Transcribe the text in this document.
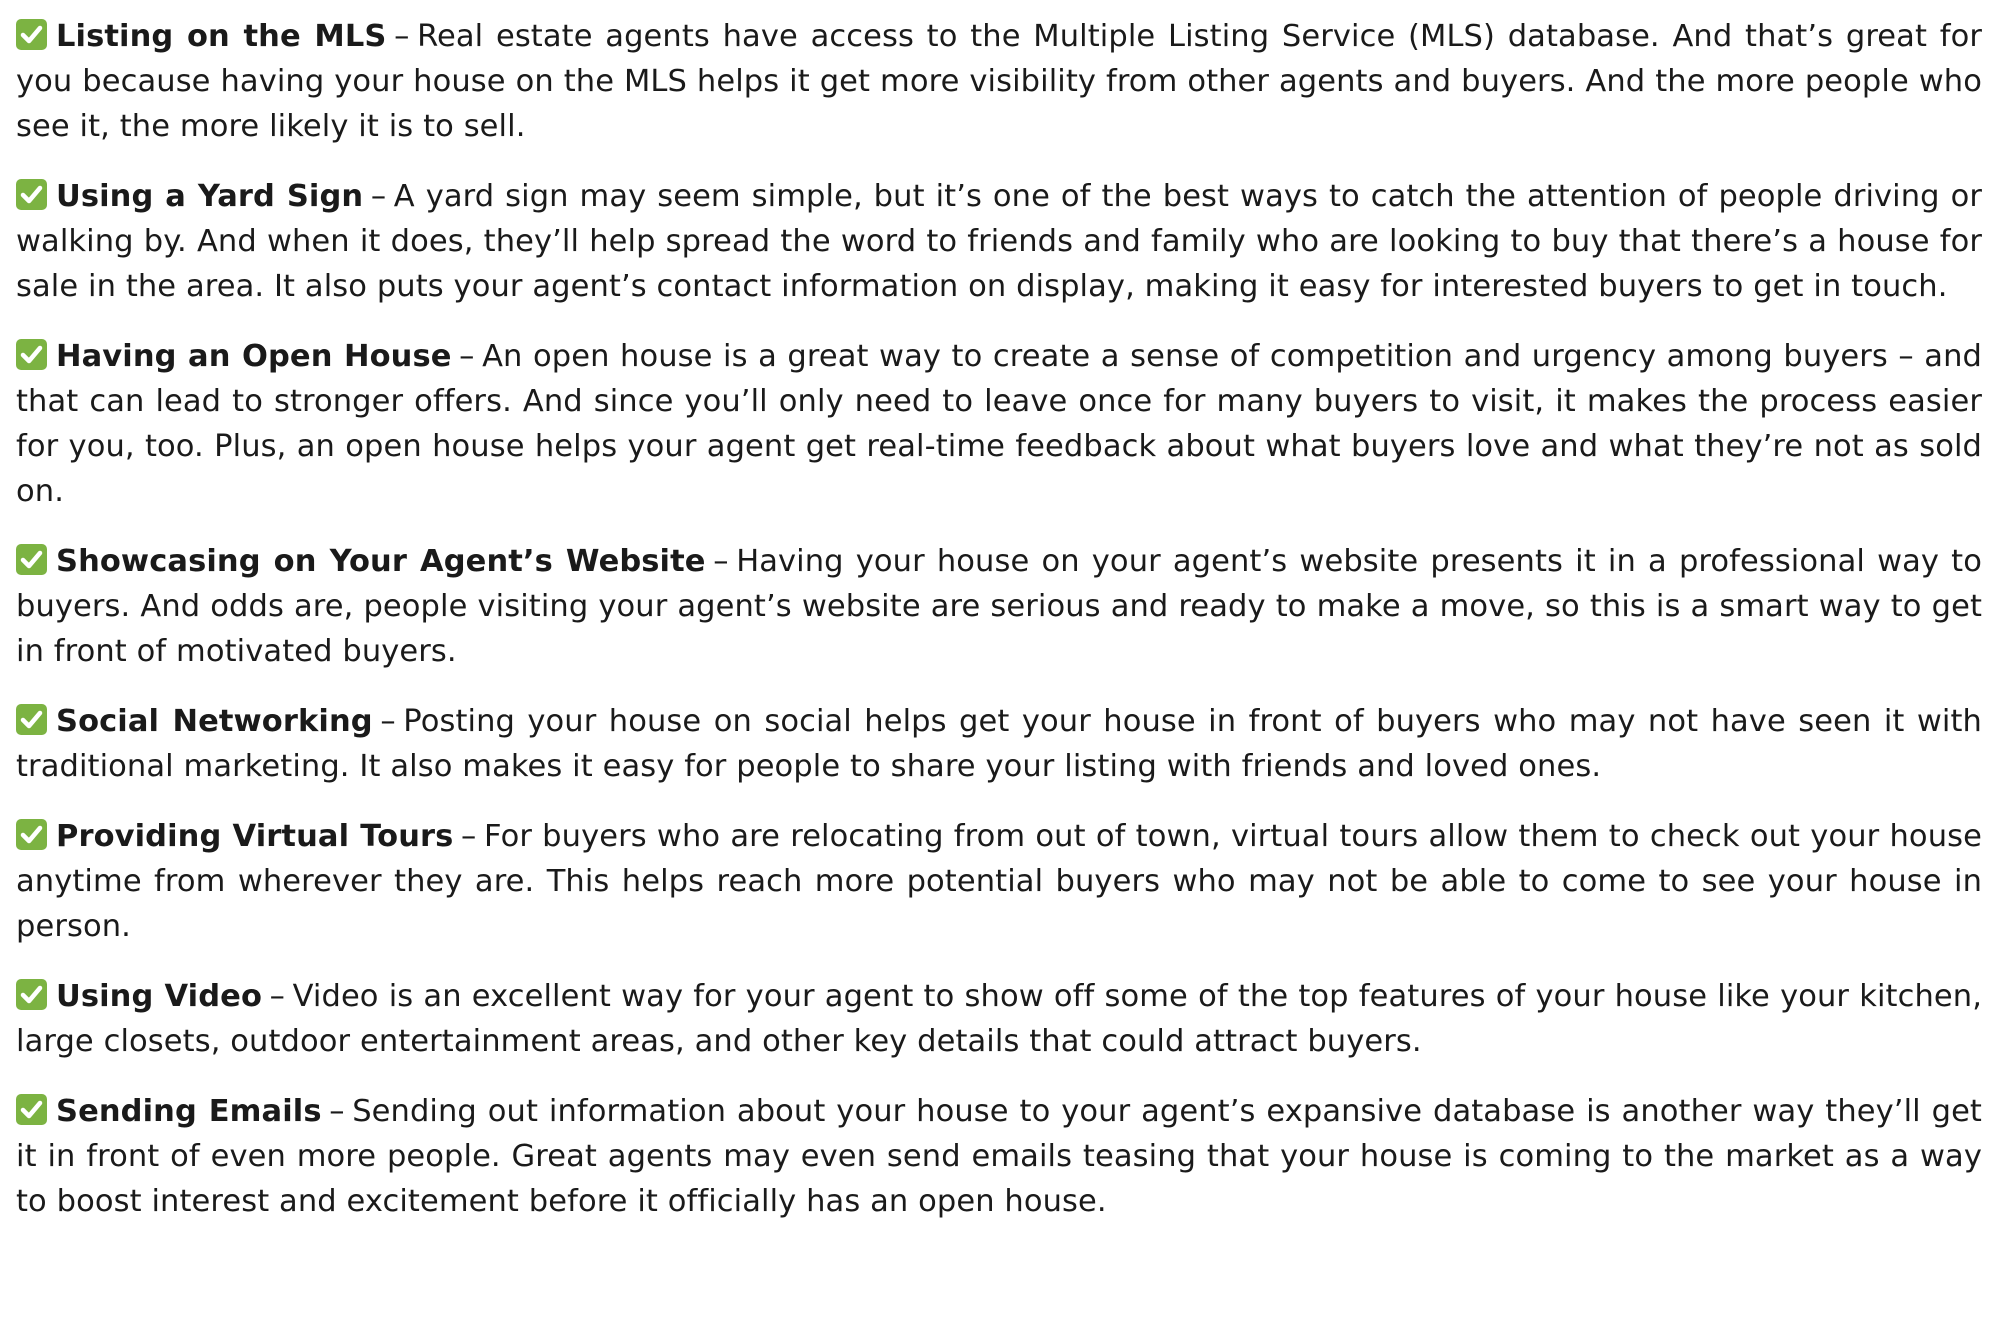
Listing on the MLS – Real estate agents have access to the Multiple Listing Service (MLS) database. And that’s great for you because having your house on the MLS helps it get more visibility from other agents and buyers. And the more people who see it, the more likely it is to sell.

Using a Yard Sign – A yard sign may seem simple, but it’s one of the best ways to catch the attention of people driving or walking by. And when it does, they’ll help spread the word to friends and family who are looking to buy that there’s a house for sale in the area. It also puts your agent’s contact information on display, making it easy for interested buyers to get in touch.

Having an Open House – An open house is a great way to create a sense of competition and urgency among buyers – and that can lead to stronger offers. And since you’ll only need to leave once for many buyers to visit, it makes the process easier for you, too. Plus, an open house helps your agent get real-time feedback about what buyers love and what they’re not as sold on.

Showcasing on Your Agent’s Website – Having your house on your agent’s website presents it in a professional way to buyers. And odds are, people visiting your agent’s website are serious and ready to make a move, so this is a smart way to get in front of motivated buyers.

Social Networking – Posting your house on social helps get your house in front of buyers who may not have seen it with traditional marketing. It also makes it easy for people to share your listing with friends and loved ones.

Providing Virtual Tours – For buyers who are relocating from out of town, virtual tours allow them to check out your house anytime from wherever they are. This helps reach more potential buyers who may not be able to come to see your house in person.

Using Video – Video is an excellent way for your agent to show off some of the top features of your house like your kitchen, large closets, outdoor entertainment areas, and other key details that could attract buyers.

Sending Emails – Sending out information about your house to your agent’s expansive database is another way they’ll get it in front of even more people. Great agents may even send emails teasing that your house is coming to the market as a way to boost interest and excitement before it officially has an open house.
